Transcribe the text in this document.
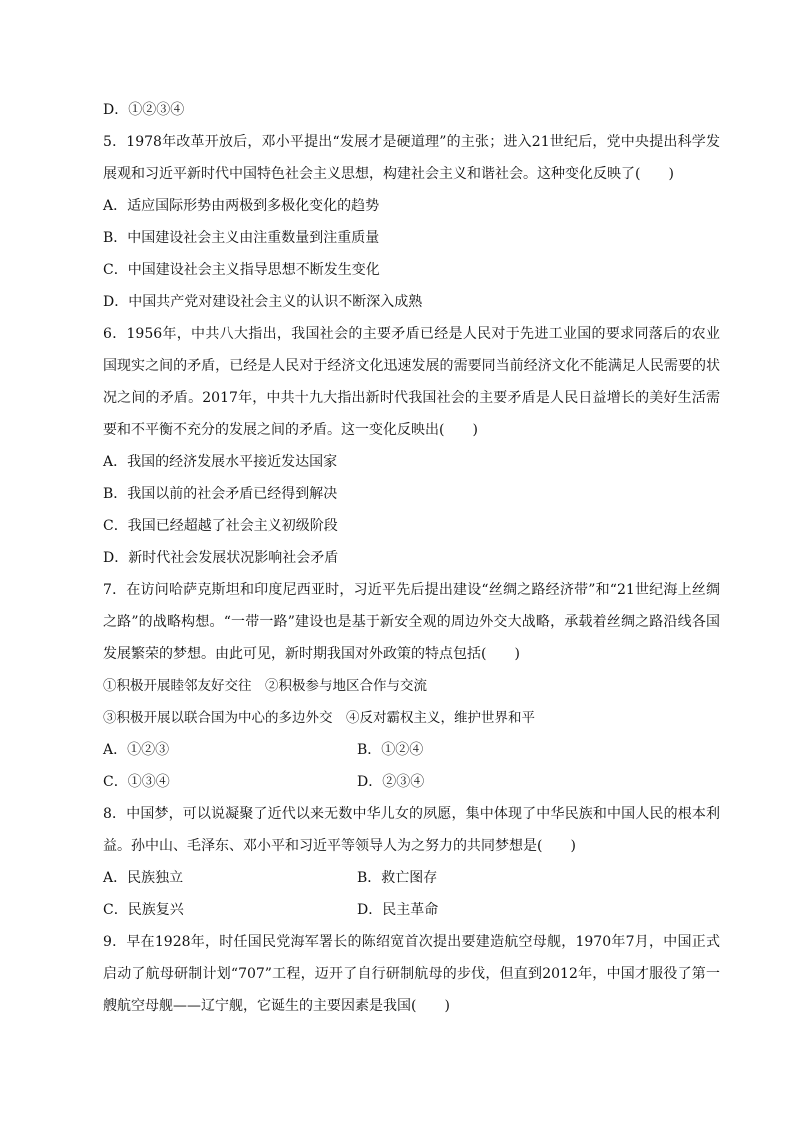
D．①②③④
5．1978年改革开放后，邓小平提出“发展才是硬道理”的主张；进入21世纪后，党中央提出科学发展观和习近平新时代中国特色社会主义思想，构建社会主义和谐社会。这种变化反映了(　　)
A．适应国际形势由两极到多极化变化的趋势
B．中国建设社会主义由注重数量到注重质量
C．中国建设社会主义指导思想不断发生变化
D．中国共产党对建设社会主义的认识不断深入成熟
6．1956年，中共八大指出，我国社会的主要矛盾已经是人民对于先进工业国的要求同落后的农业国现实之间的矛盾，已经是人民对于经济文化迅速发展的需要同当前经济文化不能满足人民需要的状况之间的矛盾。2017年，中共十九大指出新时代我国社会的主要矛盾是人民日益增长的美好生活需要和不平衡不充分的发展之间的矛盾。这一变化反映出(　　)
A．我国的经济发展水平接近发达国家
B．我国以前的社会矛盾已经得到解决
C．我国已经超越了社会主义初级阶段
D．新时代社会发展状况影响社会矛盾
7．在访问哈萨克斯坦和印度尼西亚时，习近平先后提出建设“丝绸之路经济带”和“21世纪海上丝绸之路”的战略构想。“一带一路”建设也是基于新安全观的周边外交大战略，承载着丝绸之路沿线各国发展繁荣的梦想。由此可见，新时期我国对外政策的特点包括(　　)
①积极开展睦邻友好交往　②积极参与地区合作与交流
③积极开展以联合国为中心的多边外交　④反对霸权主义，维护世界和平
A．①②③	B．①②④
C．①③④	D．②③④
8．中国梦，可以说凝聚了近代以来无数中华儿女的夙愿，集中体现了中华民族和中国人民的根本利益。孙中山、毛泽东、邓小平和习近平等领导人为之努力的共同梦想是(　　)
A．民族独立	B．救亡图存
C．民族复兴	D．民主革命
9．早在1928年，时任国民党海军署长的陈绍宽首次提出要建造航空母舰，1970年7月，中国正式启动了航母研制计划“707”工程，迈开了自行研制航母的步伐，但直到2012年，中国才服役了第一艘航空母舰——辽宁舰，它诞生的主要因素是我国(　　)
